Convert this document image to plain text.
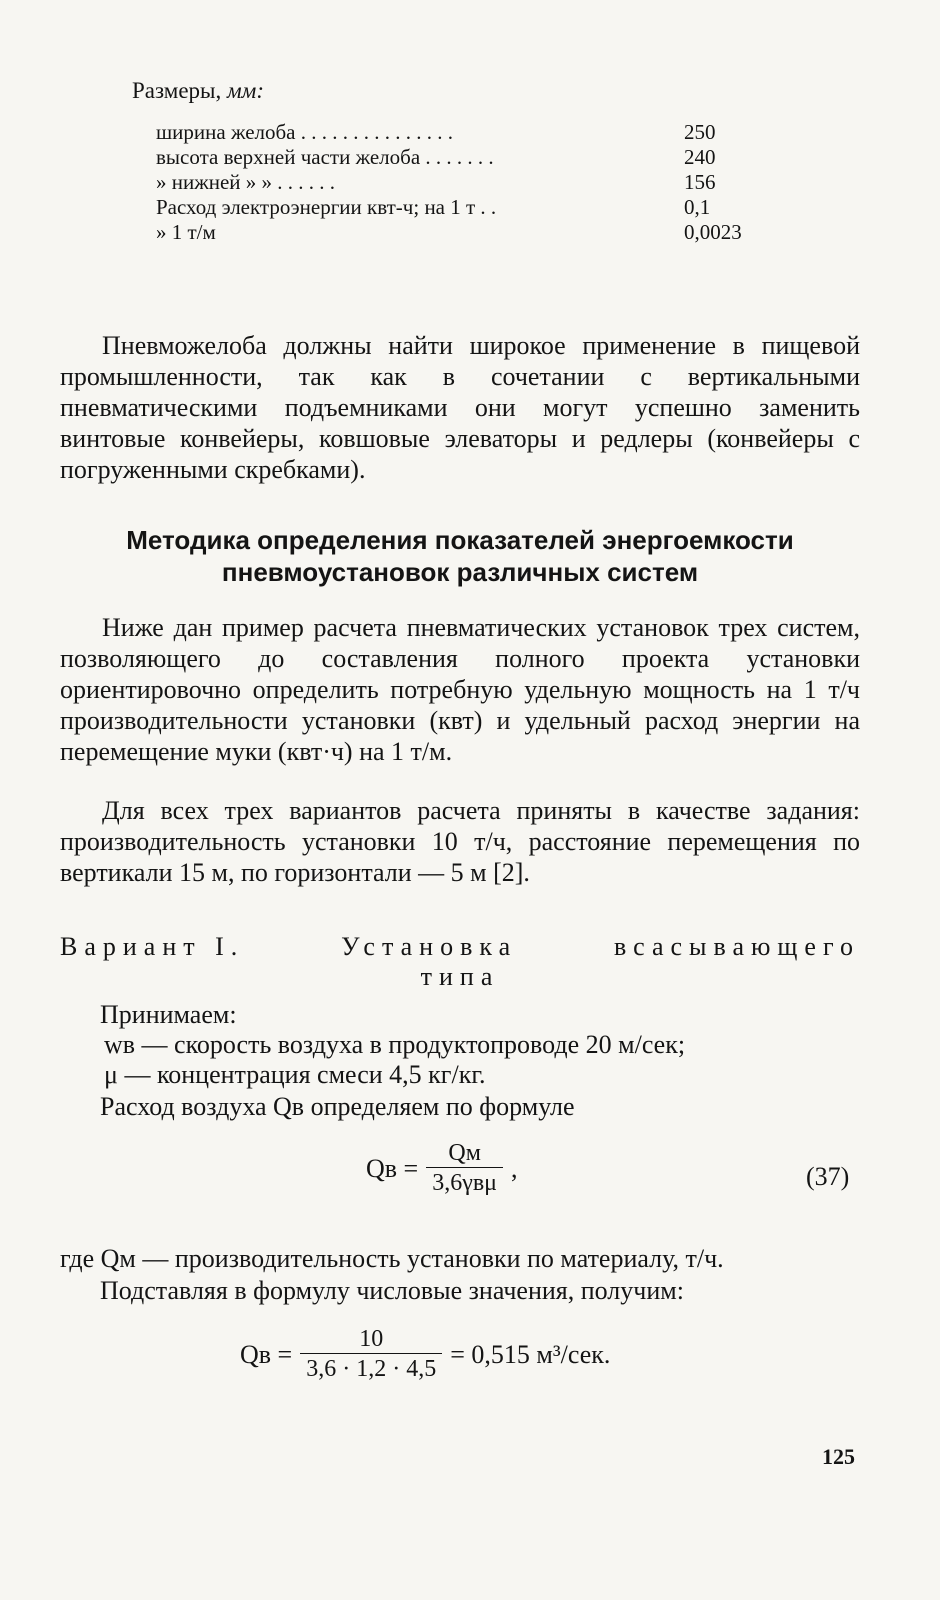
Размеры, мм:
ширина желоба . . . . . . . . . . . . . . .	250
высота верхней части желоба . . . . . . .	240
» нижней » » . . . . . .	156
Расход электроэнергии квт-ч; на 1 т . .	0,1
» 1 т/м	0,0023
Пневможелоба должны найти широкое применение в пищевой промышленности, так как в сочетании с вертикальными пневматическими подъемниками они могут успешно заменить винтовые конвейеры, ковшовые элеваторы и редлеры (конвейеры с погруженными скребками).
Методика определения показателей энергоемкости
пневмоустановок различных систем
Ниже дан пример расчета пневматических установок трех систем, позволяющего до составления полного проекта установки ориентировочно определить потребную удельную мощность на 1 т/ч производительности установки (квт) и удельный расход энергии на перемещение муки (квт·ч) на 1 т/м.
Для всех трех вариантов расчета приняты в качестве задания: производительность установки 10 т/ч, расстояние перемещения по вертикали 15 м, по горизонтали — 5 м [2].
Вариант I.	Установка	всасывающего
типа
Принимаем:
wв — скорость воздуха в продуктопроводе 20 м/сек;
μ — концентрация смеси 4,5 кг/кг.
Расход воздуха Qв определяем по формуле
Qв = $\frac{Qм}{\text{3,6γвμ}}$ ,	(37)
где Qм — производительность установки по материалу, т/ч.
Подставляя в формулу числовые значения, получим:
Qв = $\frac{10}{3,6 \cdot 1,2 \cdot 4,5} = 0,515$ м³/сек.
125
